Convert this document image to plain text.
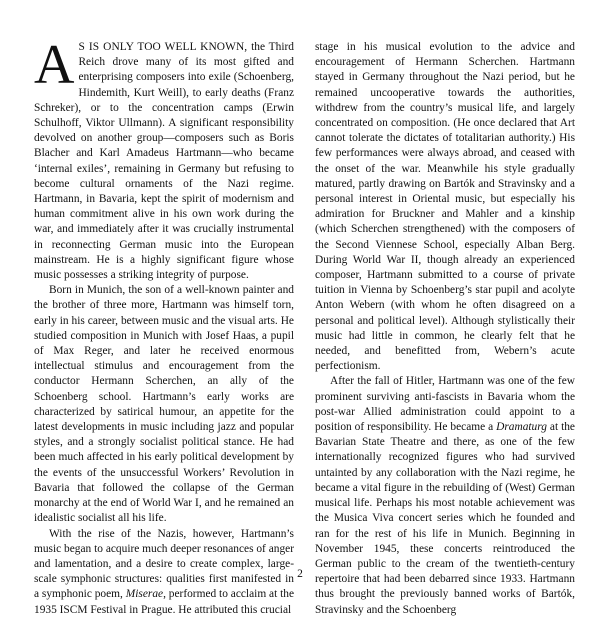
AS IS ONLY TOO WELL KNOWN, the Third Reich drove many of its most gifted and enterprising composers into exile (Schoenberg, Hindemith, Kurt Weill), to early deaths (Franz Schreker), or to the concentration camps (Erwin Schulhoff, Viktor Ullmann). A significant responsibility devolved on another group—composers such as Boris Blacher and Karl Amadeus Hartmann—who became ‘internal exiles’, remaining in Germany but refusing to become cultural ornaments of the Nazi regime. Hartmann, in Bavaria, kept the spirit of modernism and human commitment alive in his own work during the war, and immediately after it was crucially instrumental in reconnecting German music into the European mainstream. He is a highly significant figure whose music possesses a striking integrity of purpose.

Born in Munich, the son of a well-known painter and the brother of three more, Hartmann was himself torn, early in his career, between music and the visual arts. He studied composition in Munich with Josef Haas, a pupil of Max Reger, and later he received enormous intellectual stimulus and encouragement from the conductor Hermann Scherchen, an ally of the Schoenberg school. Hartmann’s early works are characterized by satirical humour, an appetite for the latest developments in music including jazz and popular styles, and a strongly socialist political stance. He had been much affected in his early political development by the events of the unsuccessful Workers’ Revolution in Bavaria that followed the collapse of the German monarchy at the end of World War I, and he remained an idealistic socialist all his life.

With the rise of the Nazis, however, Hartmann’s music began to acquire much deeper resonances of anger and lamentation, and a desire to create complex, large-scale symphonic structures: qualities first manifested in a symphonic poem, Miserae, performed to acclaim at the 1935 ISCM Festival in Prague. He attributed this crucial

stage in his musical evolution to the advice and encouragement of Hermann Scherchen. Hartmann stayed in Germany throughout the Nazi period, but he remained uncooperative towards the authorities, withdrew from the country’s musical life, and largely concentrated on composition. (He once declared that Art cannot tolerate the dictates of totalitarian authority.) His few performances were always abroad, and ceased with the onset of the war. Meanwhile his style gradually matured, partly drawing on Bartók and Stravinsky and a personal interest in Oriental music, but especially his admiration for Bruckner and Mahler and a kinship (which Scherchen strengthened) with the composers of the Second Viennese School, especially Alban Berg. During World War II, though already an experienced composer, Hartmann submitted to a course of private tuition in Vienna by Schoenberg’s star pupil and acolyte Anton Webern (with whom he often disagreed on a personal and political level). Although stylistically their music had little in common, he clearly felt that he needed, and benefitted from, Webern’s acute perfectionism.

After the fall of Hitler, Hartmann was one of the few prominent surviving anti-fascists in Bavaria whom the post-war Allied administration could appoint to a position of responsibility. He became a Dramaturg at the Bavarian State Theatre and there, as one of the few internationally recognized figures who had survived untainted by any collaboration with the Nazi regime, he became a vital figure in the rebuilding of (West) German musical life. Perhaps his most notable achievement was the Musica Viva concert series which he founded and ran for the rest of his life in Munich. Beginning in November 1945, these concerts reintroduced the German public to the cream of the twentieth-century repertoire that had been debarred since 1933. Hartmann thus brought the previously banned works of Bartók, Stravinsky and the Schoenberg

2
